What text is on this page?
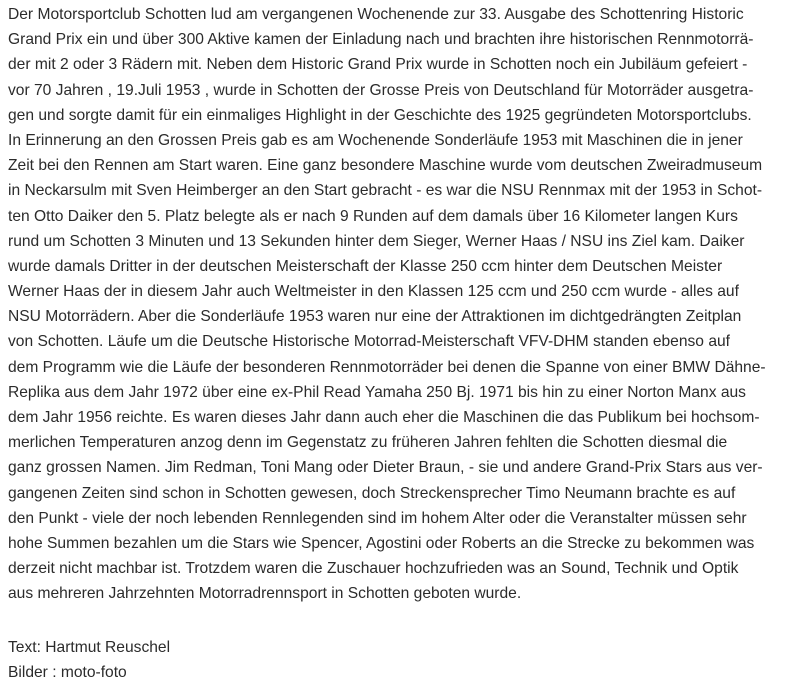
Der Motorsportclub Schotten lud am vergangenen Wochenende zur 33. Ausgabe des Schottenring Historic
Grand Prix ein und über 300 Aktive kamen der Einladung nach und brachten ihre historischen Rennmotorrä-
der mit 2 oder 3 Rädern mit. Neben dem Historic Grand Prix wurde in Schotten noch ein Jubiläum gefeiert -
vor 70 Jahren , 19.Juli 1953 , wurde in Schotten der Grosse Preis von Deutschland für Motorräder ausgetra-
gen und sorgte damit für ein einmaliges Highlight in der Geschichte des 1925 gegründeten Motorsportclubs.
In Erinnerung an den Grossen Preis gab es am Wochenende Sonderläufe 1953 mit Maschinen die in jener
Zeit bei den Rennen am Start waren. Eine ganz besondere Maschine wurde vom deutschen Zweiradmuseum
in Neckarsulm mit Sven Heimberger an den Start gebracht - es war die NSU Rennmax mit der 1953 in Schot-
ten Otto Daiker den 5. Platz belegte als er nach 9 Runden auf dem damals über 16 Kilometer langen Kurs
rund um Schotten 3 Minuten und 13 Sekunden hinter dem Sieger, Werner Haas / NSU ins Ziel kam. Daiker
wurde damals Dritter in der deutschen Meisterschaft der Klasse 250 ccm hinter dem Deutschen Meister
Werner Haas der in diesem Jahr auch Weltmeister in den Klassen 125 ccm und 250 ccm wurde - alles auf
NSU Motorrädern. Aber die Sonderläufe 1953 waren nur eine der Attraktionen im dichtgedrängten Zeitplan
von Schotten. Läufe um die Deutsche Historische Motorrad-Meisterschaft VFV-DHM standen ebenso auf
dem Programm wie die Läufe der besonderen Rennmotorräder bei denen die Spanne von einer BMW Dähne-
Replika aus dem Jahr 1972 über eine ex-Phil Read Yamaha 250 Bj. 1971 bis hin zu einer Norton Manx aus
dem Jahr 1956 reichte. Es waren dieses Jahr dann auch eher die Maschinen die das Publikum bei hochsom-
merlichen Temperaturen anzog denn im Gegenstatz zu früheren Jahren fehlten die Schotten diesmal die
ganz grossen Namen. Jim Redman, Toni Mang oder Dieter Braun, - sie und andere Grand-Prix Stars aus ver-
gangenen Zeiten sind schon in Schotten gewesen, doch Streckensprecher Timo Neumann brachte es auf
den Punkt - viele der noch lebenden Rennlegenden sind im hohem Alter oder die Veranstalter müssen sehr
hohe Summen bezahlen um die Stars wie Spencer, Agostini oder Roberts an die Strecke zu bekommen was
derzeit nicht machbar ist. Trotzdem waren die Zuschauer hochzufrieden was an Sound, Technik und Optik
aus mehreren Jahrzehnten Motorradrennsport in Schotten geboten wurde.
Text: Hartmut Reuschel
Bilder : moto-foto
